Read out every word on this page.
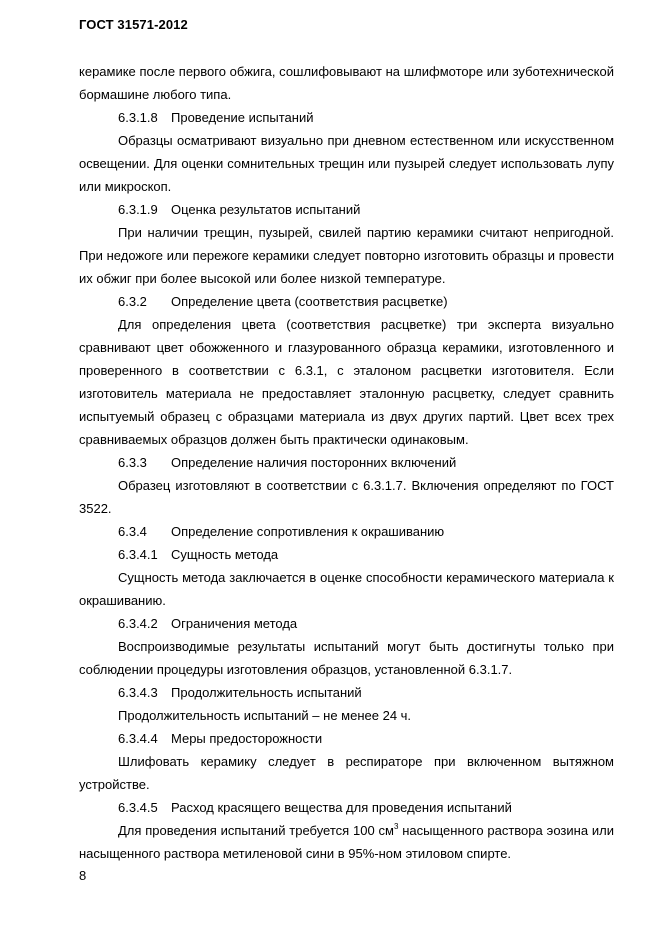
ГОСТ 31571-2012

керамике после первого обжига, сошлифовывают на шлифмоторе или зуботехнической бормашине любого типа.

6.3.1.8 Проведение испытаний

Образцы осматривают визуально при дневном естественном или искусственном освещении. Для оценки сомнительных трещин или пузырей следует использовать лупу или микроскоп.

6.3.1.9 Оценка результатов испытаний

При наличии трещин, пузырей, свилей партию керамики считают непригодной. При недожоге или пережоге керамики следует повторно изготовить образцы и провести их обжиг при более высокой или более низкой температуре.

6.3.2 Определение цвета (соответствия расцветке)

Для определения цвета (соответствия расцветке) три эксперта визуально сравнивают цвет обожженного и глазурованного образца керамики, изготовленного и проверенного в соответствии с 6.3.1, с эталоном расцветки изготовителя. Если изготовитель материала не предоставляет эталонную расцветку, следует сравнить испытуемый образец с образцами материала из двух других партий. Цвет всех трех сравниваемых образцов должен быть практически одинаковым.

6.3.3 Определение наличия посторонних включений

Образец изготовляют в соответствии с 6.3.1.7. Включения определяют по ГОСТ 3522.

6.3.4 Определение сопротивления к окрашиванию
6.3.4.1 Сущность метода

Сущность метода заключается в оценке способности керамического материала к окрашиванию.

6.3.4.2 Ограничения метода

Воспроизводимые результаты испытаний могут быть достигнуты только при соблюдении процедуры изготовления образцов, установленной 6.3.1.7.

6.3.4.3 Продолжительность испытаний

Продолжительность испытаний – не менее 24 ч.

6.3.4.4 Меры предосторожности

Шлифовать керамику следует в респираторе при включенном вытяжном устройстве.

6.3.4.5 Расход красящего вещества для проведения испытаний

Для проведения испытаний требуется 100 $см^3$ насыщенного раствора эозина или насыщенного раствора метиленовой сини в 95%-ном этиловом спирте.

8
